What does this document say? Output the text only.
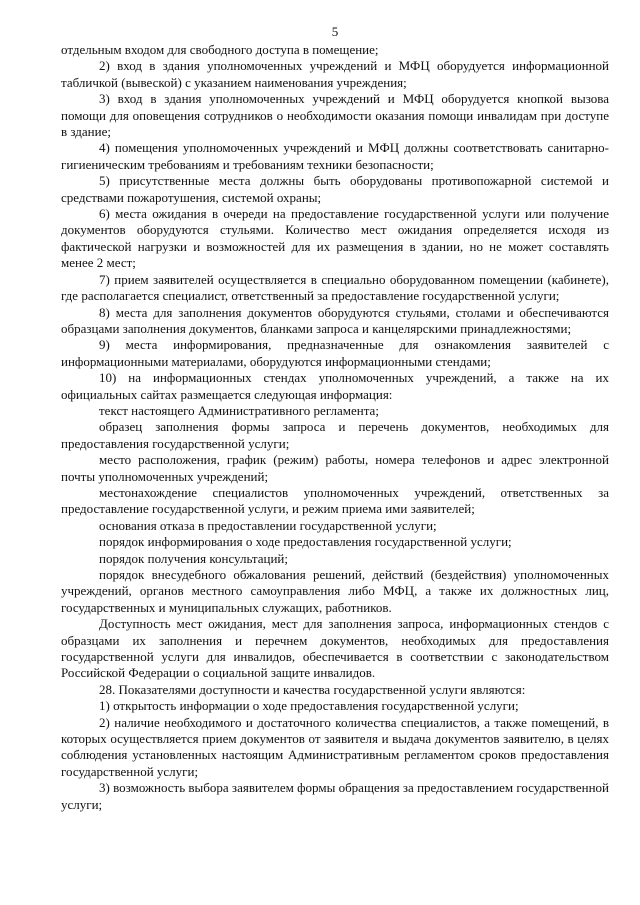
5

отдельным входом для свободного доступа в помещение;

2) вход в здания уполномоченных учреждений и МФЦ оборудуется информационной табличкой (вывеской) с указанием наименования учреждения;

3) вход в здания уполномоченных учреждений и МФЦ оборудуется кнопкой вызова помощи для оповещения сотрудников о необходимости оказания помощи инвалидам при доступе в здание;

4) помещения уполномоченных учреждений и МФЦ должны соответствовать санитарно-гигиеническим требованиям и требованиям техники безопасности;

5) присутственные места должны быть оборудованы противопожарной системой и средствами пожаротушения, системой охраны;

6) места ожидания в очереди на предоставление государственной услуги или получение документов оборудуются стульями. Количество мест ожидания определяется исходя из фактической нагрузки и возможностей для их размещения в здании, но не может составлять менее 2 мест;

7) прием заявителей осуществляется в специально оборудованном помещении (кабинете), где располагается специалист, ответственный за предоставление государственной услуги;

8) места для заполнения документов оборудуются стульями, столами и обеспечиваются образцами заполнения документов, бланками запроса и канцелярскими принадлежностями;

9) места информирования, предназначенные для ознакомления заявителей с информационными материалами, оборудуются информационными стендами;

10) на информационных стендах уполномоченных учреждений, а также на их официальных сайтах размещается следующая информация:

текст настоящего Административного регламента;

образец заполнения формы запроса и перечень документов, необходимых для предоставления государственной услуги;

место расположения, график (режим) работы, номера телефонов и адрес электронной почты уполномоченных учреждений;

местонахождение специалистов уполномоченных учреждений, ответственных за предоставление государственной услуги, и режим приема ими заявителей;

основания отказа в предоставлении государственной услуги;

порядок информирования о ходе предоставления государственной услуги;

порядок получения консультаций;

порядок внесудебного обжалования решений, действий (бездействия) уполномоченных учреждений, органов местного самоуправления либо МФЦ, а также их должностных лиц, государственных и муниципальных служащих, работников.

Доступность мест ожидания, мест для заполнения запроса, информационных стендов с образцами их заполнения и перечнем документов, необходимых для предоставления государственной услуги для инвалидов, обеспечивается в соответствии с законодательством Российской Федерации о социальной защите инвалидов.

28. Показателями доступности и качества государственной услуги являются:

1) открытость информации о ходе предоставления государственной услуги;

2) наличие необходимого и достаточного количества специалистов, а также помещений, в которых осуществляется прием документов от заявителя и выдача документов заявителю, в целях соблюдения установленных настоящим Административным регламентом сроков предоставления государственной услуги;

3) возможность выбора заявителем формы обращения за предоставлением государственной услуги;
